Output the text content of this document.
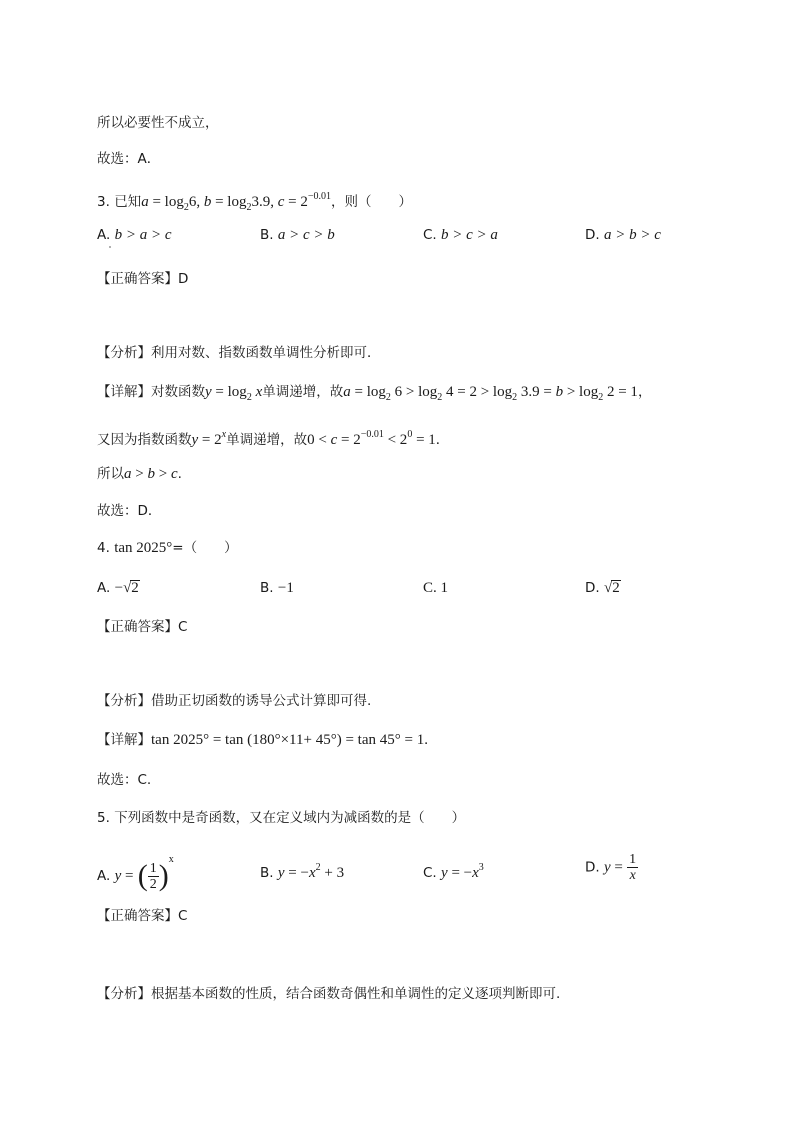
所以必要性不成立，
故选：A．
3. 已知$a = \log_26$, $b = \log_23.9$, $c = 2^{-0.01}$，则（　　）
A. b > a > c	B. a > c > b	C. b > c > a	D. a > b > c
【正确答案】D
【分析】利用对数、指数函数单调性分析即可．
【详解】对数函数$y = \log_2 x$单调递增，故$a = \log_2 6 > \log_2 4 = 2 > \log_2 3.9 = b > \log_2 2 = 1$，
又因为指数函数$y = 2^x$单调递增，故$0 < c = 2^{-0.01} < 2^0 = 1$．
所以a > b > c.
故选：D．
4. tan 2025°=（　　）
A. −√2	B. −1	C. 1	D. √2
【正确答案】C
【分析】借助正切函数的诱导公式计算即可得.
【详解】tan 2025° = tan (180°×11+ 45°) = tan 45° = 1.
故选：C.
5. 下列函数中是奇函数，又在定义域内为减函数的是（　　）
A. y = ( $\frac{1}{2} )^x$
B. $y = -x^2 + 3$	C. $y = -x^3$	D. $y = \frac{1}{x}$
【正确答案】C
【分析】根据基本函数的性质，结合函数奇偶性和单调性的定义逐项判断即可.
